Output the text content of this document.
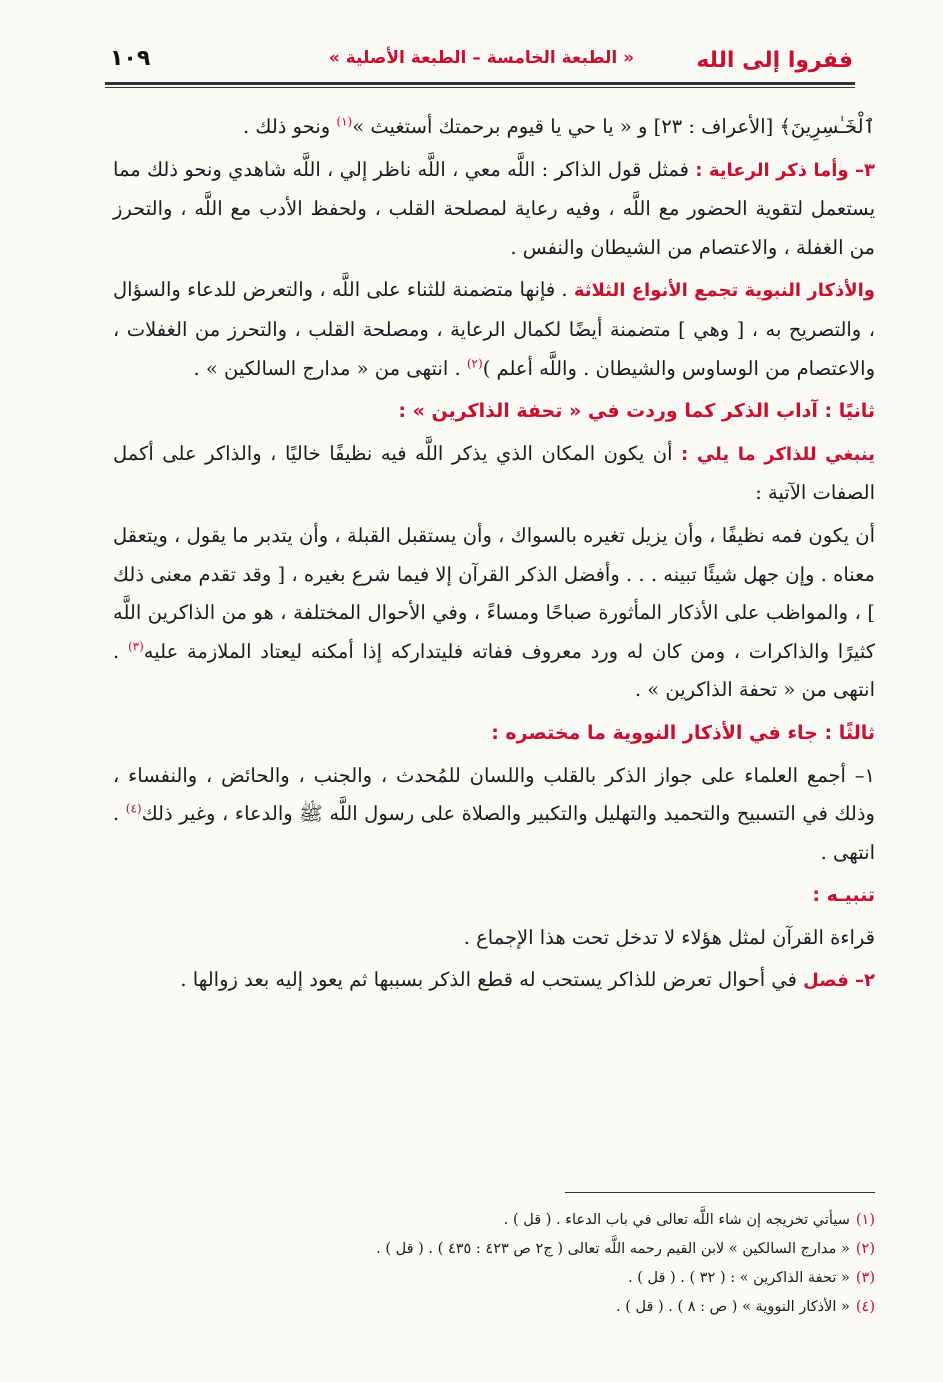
ففروا إلى الله
« الطبعة الخامسة – الطبعة الأصلية »
١٠٩

ٱلْخَـٰسِرِينَ﴾ [الأعراف : ٢٣] و « يا حي يا قيوم برحمتك أستغيث »$^{(١)}$ ونحو ذلك .

٣– وأما ذكر الرعاية : فمثل قول الذاكر : اللَّه معي ، اللَّه ناظر إلي ، اللَّه شاهدي ونحو ذلك مما يستعمل لتقوية الحضور مع اللَّه ، وفيه رعاية لمصلحة القلب ، ولحفظ الأدب مع اللَّه ، والتحرز من الغفلة ، والاعتصام من الشيطان والنفس .

والأذكار النبوية تجمع الأنواع الثلاثة . فإنها متضمنة للثناء على اللَّه ، والتعرض للدعاء والسؤال ، والتصريح به ، [ وهي ] متضمنة أيضًا لكمال الرعاية ، ومصلحة القلب ، والتحرز من الغفلات ، والاعتصام من الوساوس والشيطان . واللَّه أعلم )$^{(٢)}$ . انتهى من « مدارج السالكين » .

ثانيًا : آداب الذكر كما وردت في « تحفة الذاكرين » :

ينبغي للذاكر ما يلي : أن يكون المكان الذي يذكر اللَّه فيه نظيفًا خاليًا ، والذاكر على أكمل الصفات الآتية :

أن يكون فمه نظيفًا ، وأن يزيل تغيره بالسواك ، وأن يستقبل القبلة ، وأن يتدبر ما يقول ، ويتعقل معناه . وإن جهل شيئًا تبينه . . . وأفضل الذكر القرآن إلا فيما شرع بغيره ، [ وقد تقدم معنى ذلك ] ، والمواظب على الأذكار المأثورة صباحًا ومساءً ، وفي الأحوال المختلفة ، هو من الذاكرين اللَّه كثيرًا والذاكرات ، ومن كان له ورد معروف ففاته فليتداركه إذا أمكنه ليعتاد الملازمة عليه$^{(٣)}$ . انتهى من « تحفة الذاكرين » .

ثالثًا : جاء في الأذكار النووية ما مختصره :

١– أجمع العلماء على جواز الذكر بالقلب واللسان للمُحدث ، والجنب ، والحائض ، والنفساء ، وذلك في التسبيح والتحميد والتهليل والتكبير والصلاة على رسول اللَّه ﷺ والدعاء ، وغير ذلك$^{(٤)}$ . انتهى .

تنبيـه :

قراءة القرآن لمثل هؤلاء لا تدخل تحت هذا الإجماع .

٢– فصل في أحوال تعرض للذاكر يستحب له قطع الذكر بسببها ثم يعود إليه بعد زوالها .

(١)سيأتي تخريجه إن شاء اللَّه تعالى في باب الدعاء . ( قل ) .
(٢)« مدارج السالكين » لابن القيم رحمه اللَّه تعالى ( ج٢ ص ٤٢٣ : ٤٣٥ ) . ( قل ) .
(٣)« تحفة الذاكرين » : ( ٣٢ ) . ( قل ) .
(٤)« الأذكار النووية » ( ص : ٨ ) . ( قل ) .
